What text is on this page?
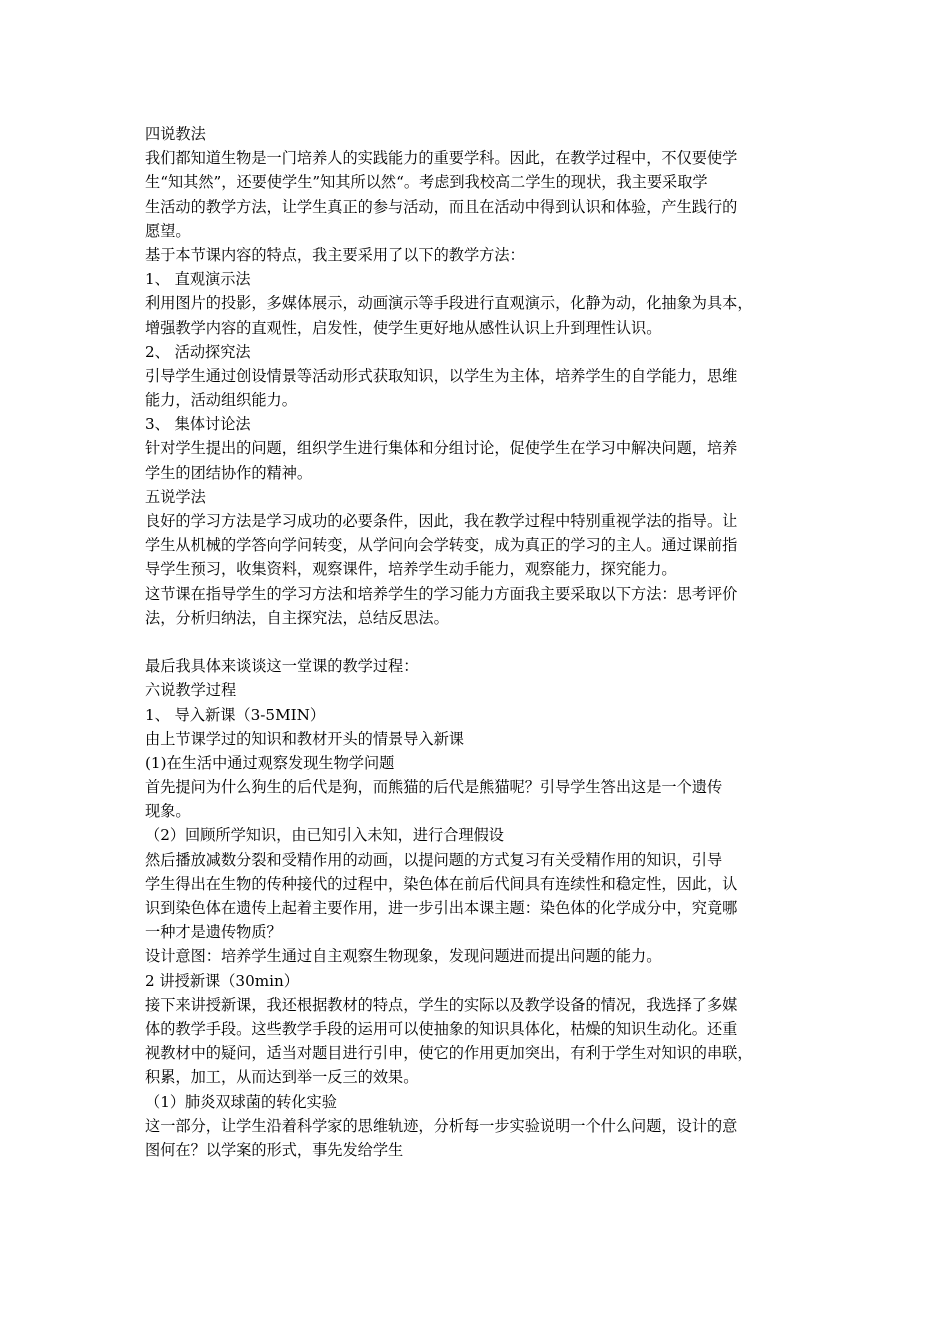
四说教法
我们都知道生物是一门培养人的实践能力的重要学科。因此，在教学过程中，不仅要使学
生“知其然”，还要使学生”知其所以然“。考虑到我校高二学生的现状，我主要采取学
生活动的教学方法，让学生真正的参与活动，而且在活动中得到认识和体验，产生践行的
愿望。
基于本节课内容的特点，我主要采用了以下的教学方法：
1、 直观演示法
利用图片的投影，多媒体展示，动画演示等手段进行直观演示，化静为动，化抽象为具本，
增强教学内容的直观性，启发性，使学生更好地从感性认识上升到理性认识。
2、 活动探究法
引导学生通过创设情景等活动形式获取知识，以学生为主体，培养学生的自学能力，思维
能力，活动组织能力。
3、 集体讨论法
针对学生提出的问题，组织学生进行集体和分组讨论，促使学生在学习中解决问题，培养
学生的团结协作的精神。
五说学法
良好的学习方法是学习成功的必要条件，因此，我在教学过程中特别重视学法的指导。让
学生从机械的学答向学问转变，从学问向会学转变，成为真正的学习的主人。通过课前指
导学生预习，收集资料，观察课件，培养学生动手能力，观察能力，探究能力。
这节课在指导学生的学习方法和培养学生的学习能力方面我主要采取以下方法：思考评价
法，分析归纳法，自主探究法，总结反思法。
最后我具体来谈谈这一堂课的教学过程：
六说教学过程
1、 导入新课（3-5MIN）
由上节课学过的知识和教材开头的情景导入新课
(1)在生活中通过观察发现生物学问题
首先提问为什么狗生的后代是狗，而熊猫的后代是熊猫呢？引导学生答出这是一个遗传
现象。
（2）回顾所学知识，由已知引入未知，进行合理假设
然后播放减数分裂和受精作用的动画，以提问题的方式复习有关受精作用的知识，引导
学生得出在生物的传种接代的过程中，染色体在前后代间具有连续性和稳定性，因此，认
识到染色体在遗传上起着主要作用，进一步引出本课主题：染色体的化学成分中，究竟哪
一种才是遗传物质？
设计意图：培养学生通过自主观察生物现象，发现问题进而提出问题的能力。
2 讲授新课（30min）
接下来讲授新课，我还根据教材的特点，学生的实际以及教学设备的情况，我选择了多媒
体的教学手段。这些教学手段的运用可以使抽象的知识具体化，枯燥的知识生动化。还重
视教材中的疑问，适当对题目进行引申，使它的作用更加突出，有利于学生对知识的串联，
积累，加工，从而达到举一反三的效果。
（1）肺炎双球菌的转化实验
这一部分，让学生沿着科学家的思维轨迹，分析每一步实验说明一个什么问题，设计的意
图何在？以学案的形式，事先发给学生
